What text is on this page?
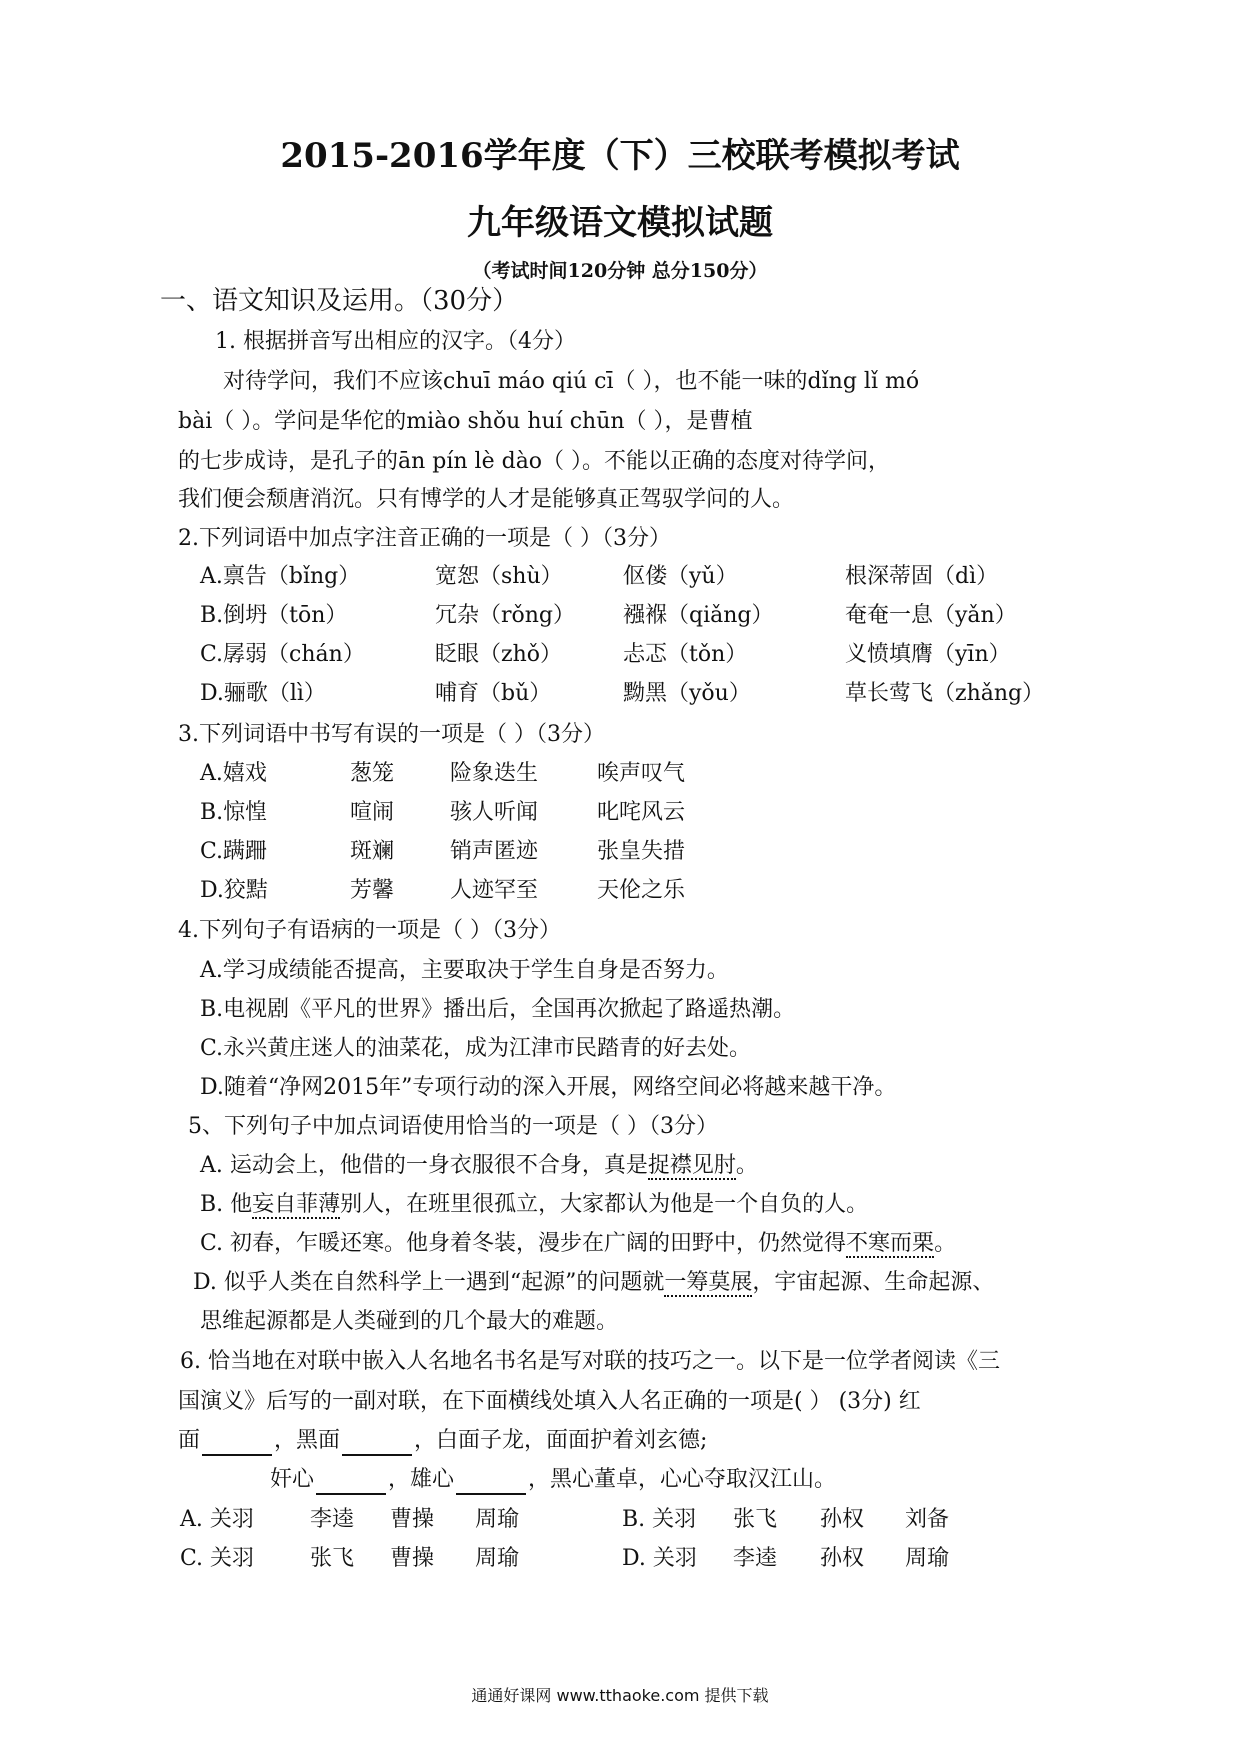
2015-2016学年度（下）三校联考模拟考试
九年级语文模拟试题
（考试时间120分钟 总分150分）
一、语文知识及运用。（30分）
1. 根据拼音写出相应的汉字。（4分）
对待学问，我们不应该chuī máo qiú cī（ ），也不能一味的dǐng lǐ mó
bài（ ）。学问是华佗的miào shǒu huí chūn（ ），是曹植
的七步成诗，是孔子的ān pín lè dào（ ）。不能以正确的态度对待学问，
我们便会颓唐消沉。只有博学的人才是能够真正驾驭学问的人。
2.下列词语中加点字注音正确的一项是（ ）（3分）
A.禀告（bǐng）	宽恕（shù）	伛偻（yǔ）	根深蒂固（dì）
B.倒坍（tōn）	冗杂（rǒng） 襁褓（qiǎng）	奄奄一息（yǎn）
C.孱弱（chán）	眨眼（zhǒ）	忐忑（tǒn）	义愤填膺（yīn）
D.骊歌（lì）	哺育（bǔ）	黝黑（yǒu）	草长莺飞（zhǎng）
3.下列词语中书写有误的一项是（ ）（3分）
A.嬉戏	葱笼	险象迭生	唉声叹气
B.惊惶	喧闹	骇人听闻	叱咤风云
C.蹒跚	斑斓	销声匿迹	张皇失措
D.狡黠	芳馨	人迹罕至	天伦之乐
4.下列句子有语病的一项是（ ）（3分）
A.学习成绩能否提高，主要取决于学生自身是否努力。
B.电视剧《平凡的世界》播出后，全国再次掀起了路遥热潮。
C.永兴黄庄迷人的油菜花，成为江津市民踏青的好去处。
D.随着“净网2015年”专项行动的深入开展，网络空间必将越来越干净。
5、下列句子中加点词语使用恰当的一项是（ ）（3分）
A. 运动会上，他借的一身衣服很不合身，真是捉襟见肘。
B. 他妄自菲薄别人，在班里很孤立，大家都认为他是一个自负的人。
C. 初春，乍暖还寒。他身着冬装，漫步在广阔的田野中，仍然觉得不寒而栗。
D. 似乎人类在自然科学上一遇到“起源”的问题就一筹莫展，宇宙起源、生命起源、
思维起源都是人类碰到的几个最大的难题。
6. 恰当地在对联中嵌入人名地名书名是写对联的技巧之一。以下是一位学者阅读《三
国演义》后写的一副对联，在下面横线处填入人名正确的一项是( ） (3分) 红
面	，黑面	，白面子龙，面面护着刘玄德;
奸心	，雄心	，黑心董卓，心心夺取汉江山。
A. 关羽	李逵 曹操 周瑜	B. 关羽 张飞 孙权 刘备
C. 关羽	张飞 曹操 周瑜	D. 关羽 李逵 孙权 周瑜
通通好课网 www.tthaoke.com 提供下载
